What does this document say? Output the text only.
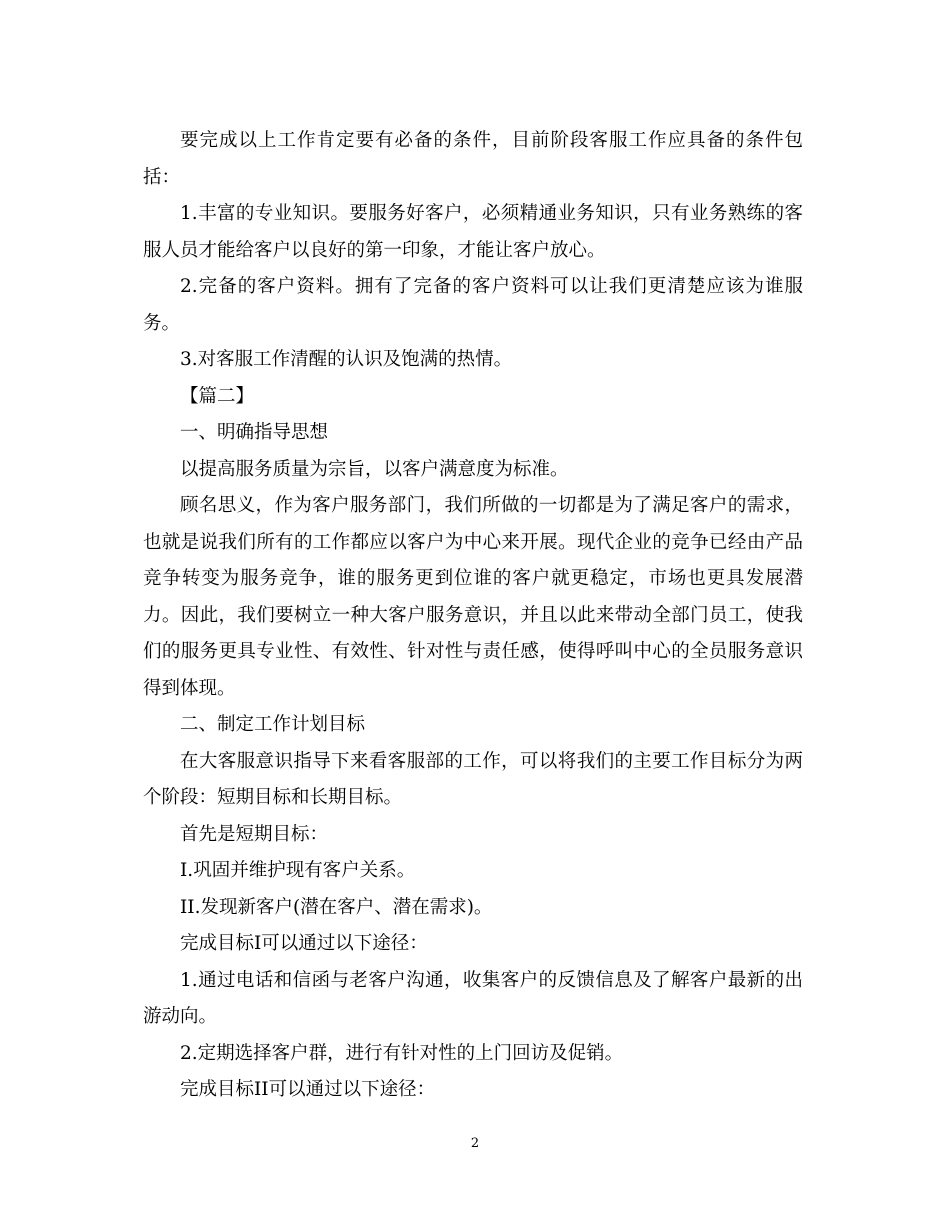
要完成以上工作肯定要有必备的条件，目前阶段客服工作应具备的条件包括：

1.丰富的专业知识。要服务好客户，必须精通业务知识，只有业务熟练的客服人员才能给客户以良好的第一印象，才能让客户放心。

2.完备的客户资料。拥有了完备的客户资料可以让我们更清楚应该为谁服务。

3.对客服工作清醒的认识及饱满的热情。

【篇二】

一、明确指导思想

以提高服务质量为宗旨，以客户满意度为标准。

顾名思义，作为客户服务部门，我们所做的一切都是为了满足客户的需求，也就是说我们所有的工作都应以客户为中心来开展。现代企业的竞争已经由产品竞争转变为服务竞争，谁的服务更到位谁的客户就更稳定，市场也更具发展潜力。因此，我们要树立一种大客户服务意识，并且以此来带动全部门员工，使我们的服务更具专业性、有效性、针对性与责任感，使得呼叫中心的全员服务意识得到体现。

二、制定工作计划目标

在大客服意识指导下来看客服部的工作，可以将我们的主要工作目标分为两个阶段：短期目标和长期目标。

首先是短期目标：

I.巩固并维护现有客户关系。

II.发现新客户(潜在客户、潜在需求)。

完成目标I可以通过以下途径：

1.通过电话和信函与老客户沟通，收集客户的反馈信息及了解客户最新的出游动向。

2.定期选择客户群，进行有针对性的上门回访及促销。

完成目标II可以通过以下途径：

2
